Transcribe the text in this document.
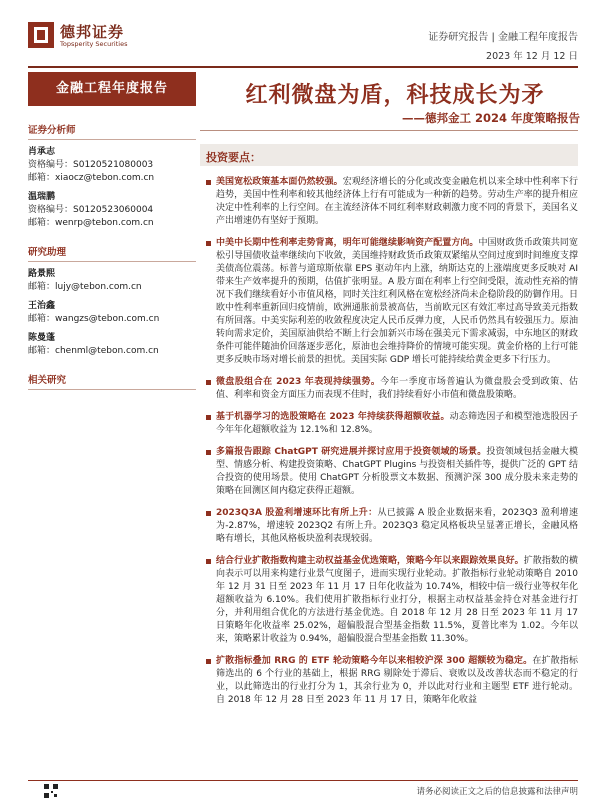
德邦证券
Topsperity Securities
证券研究报告 | 金融工程年度报告
2023 年 12 月 12 日
金融工程年度报告	红利微盘为盾，科技成长为矛
——德邦金工 2024 年度策略报告
证券分析师
肖承志
资格编号：S0120521080003
邮箱：xiaocz@tebon.com.cn
温瑞鹏
资格编号：S0120523060004
邮箱：wenrp@tebon.com.cn
研究助理
路景熙
邮箱：lujy@tebon.com.cn
王治鑫
邮箱：wangzs@tebon.com.cn
陈曼蓬
邮箱：chenml@tebon.com.cn
相关研究
投资要点：
美国宽松政策基本面仍然较强。宏观经济增长的分化或改变金融危机以来全球中性利率下行趋势，美国中性利率和较其他经济体上行有可能成为一种新的趋势。劳动生产率的提升相应决定中性利率的上行空间。在主流经济体不同红利率财政刺激力度不同的背景下，美国名义产出增速仍有坚好于预期。
中美中长期中性利率走势背离，明年可能继续影响资产配置方向。中国财政货币政策共同宽松引导国债收益率继续向下收敛，美国维持财政货币政策双紧缩从空间过度到时间维度支撑美债高位震荡。标普与道琼斯依靠 EPS 驱动年内上涨，纳斯达克的上涨端度更多反映对 AI 带来生产效率提升的预期，估值扩张明显。A 股方面在利率上行空间受限，流动性充裕的情况下我们继续看好小市值风格，同时关注红利风格在宽松经济尚未企稳阶段的防御作用。日欧中性利率重新回归疫情前，欧洲通胀前景被高估，当前欧元区有效汇率过高导致美元指数有所回落。中美实际利差的收敛程度决定人民币反弹力度，人民币仍然具有较强压力。原油转向需求定价，美国原油供给不断上行会加新兴市场在强美元下需求减弱，中东地区的财政条件可能伴随油价回落逐步恶化，原油也会维持降价的情境可能实现。黄金价格的上行可能更多反映市场对增长前景的担忧。美国实际 GDP 增长可能持续给黄金更多下行压力。
微盘股组合在 2023 年表现持续强势。今年一季度市场普遍认为微盘股会受到政策、估值、利率和资金方面压力而表现不佳时，我们持续看好小市值和微盘股策略。
基于机器学习的选股策略在 2023 年持续获得超额收益。动态筛选因子和模型池选股因子今年年化超额收益为 12.1%和 12.8%。
多篇报告跟踪 ChatGPT 研究进展并探讨应用于投资领域的场景。投资领域包括金融大模型、情感分析、构建投资策略、ChatGPT Plugins 与投资相关插件等，提供广泛的 GPT 结合投资的使用场景。使用 ChatGPT 分析股票文本数据、预测沪深 300 成分股未来走势的策略在回测区间内稳定获得正超额。
2023Q3A 股盈利增速环比有所上升：从已披露 A 股企业数据来看，2023Q3 盈利增速为-2.87%，增速较 2023Q2 有所上升。2023Q3 稳定风格板块呈显著正增长，金融风格略有增长，其他风格板块盈利表现较弱。
结合行业扩散指数构建主动权益基金优选策略，策略今年以来跟踪效果良好。扩散指数的横向表示可以用来构建行业景气度图子，进而实现行业轮动。扩散指标行业轮动策略自 2010 年 12 月 31 日至 2023 年 11 月 17 日年化收益为 10.74%，相较中信一级行业等权年化超额收益为 6.10%。我们使用扩散指标行业打分，根据主动权益基金持仓对基金进行打分，并利用组合优化的方法进行基金优选。自 2018 年 12 月 28 日至 2023 年 11 月 17 日策略年化收益率 25.02%，超偏股混合型基金指数 11.5%，夏普比率为 1.02。今年以来，策略累计收益为 0.94%，超偏股混合型基金指数 11.30%。
扩散指标叠加 RRG 的 ETF 轮动策略今年以来相较沪深 300 超额较为稳定。在扩散指标筛选出的 6 个行业的基础上，根据 RRG 剔除处于滞后、衰败以及改善状态而不稳定的行业，以此筛选出的行业打分为 1，其余行业为 0，并以此对行业和主题型 ETF 进行轮动。自 2018 年 12 月 28 日至 2023 年 11 月 17 日，策略年化收益
请务必阅读正文之后的信息披露和法律声明
